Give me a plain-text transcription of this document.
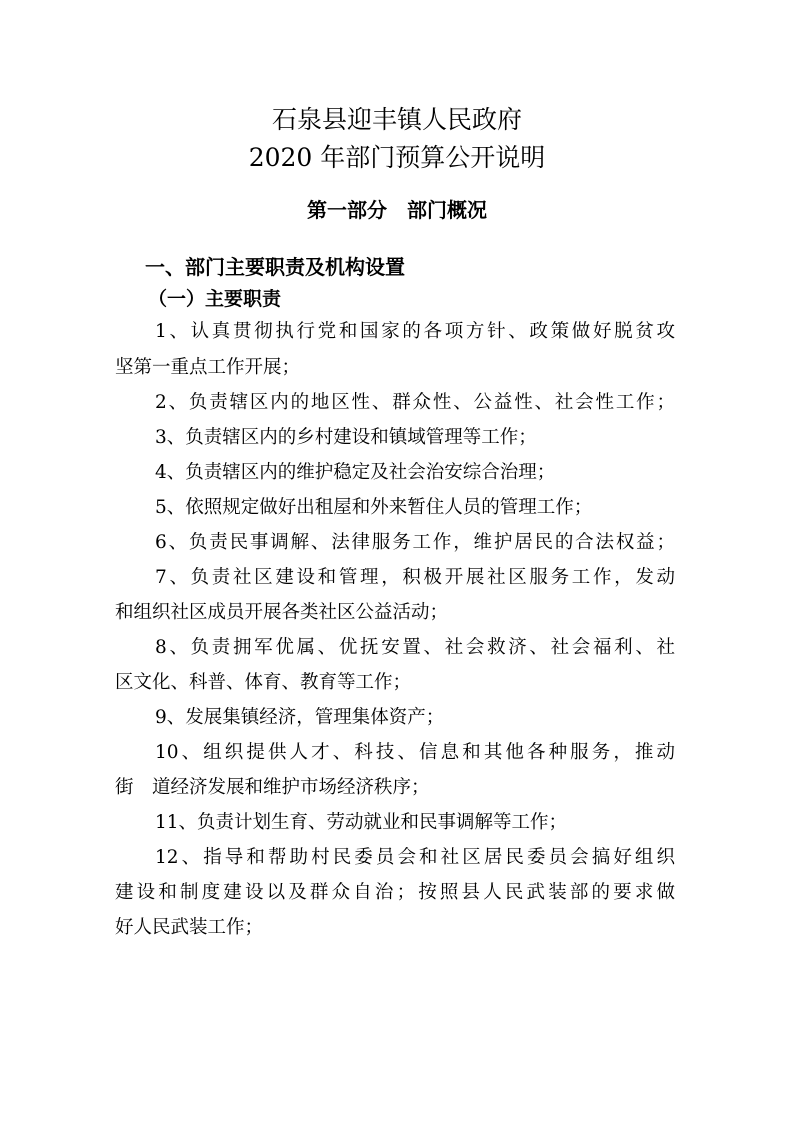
石泉县迎丰镇人民政府
2020 年部门预算公开说明
第一部分　部门概况
一、部门主要职责及机构设置
（一）主要职责
1、认真贯彻执行党和国家的各项方针、政策做好脱贫攻
坚第一重点工作开展；
2、负责辖区内的地区性、群众性、公益性、社会性工作；
3、负责辖区内的乡村建设和镇域管理等工作；
4、负责辖区内的维护稳定及社会治安综合治理；
5、依照规定做好出租屋和外来暂住人员的管理工作；
6、负责民事调解、法律服务工作，维护居民的合法权益；
7、负责社区建设和管理，积极开展社区服务工作，发动
和组织社区成员开展各类社区公益活动；
8、负责拥军优属、优抚安置、社会救济、社会福利、社
区文化、科普、体育、教育等工作；
9、发展集镇经济，管理集体资产；
10、组织提供人才、科技、信息和其他各种服务，推动
街　道经济发展和维护市场经济秩序；
11、负责计划生育、劳动就业和民事调解等工作；
12、指导和帮助村民委员会和社区居民委员会搞好组织
建设和制度建设以及群众自治；按照县人民武装部的要求做
好人民武装工作；
